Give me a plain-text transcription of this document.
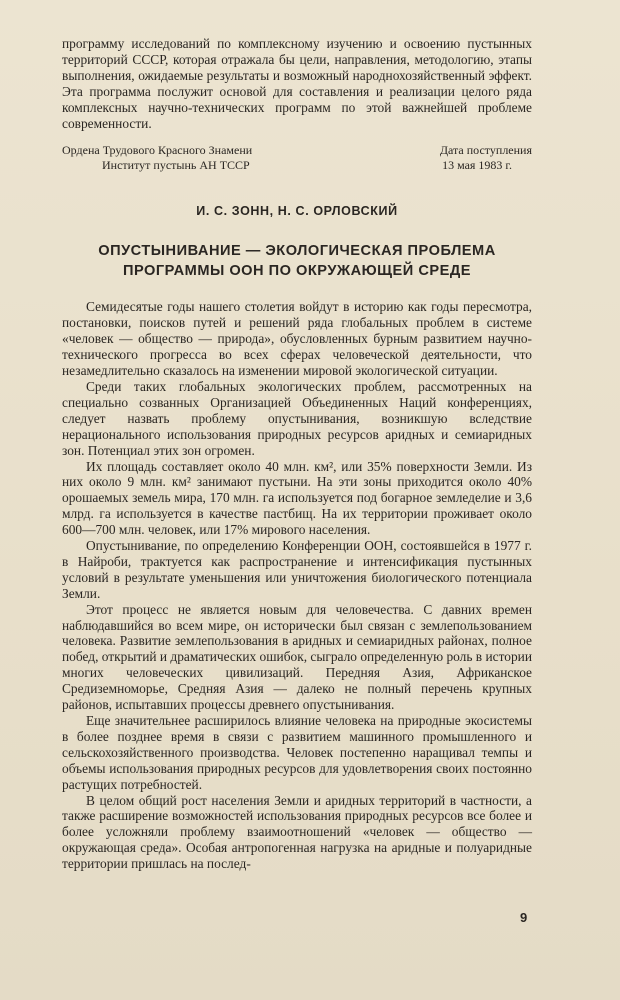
программу исследований по комплексному изучению и освоению пустынных территорий СССР, которая отражала бы цели, направления, методологию, этапы выполнения, ожидаемые результаты и возможный народнохозяйственный эффект. Эта программа послужит основой для составления и реализации целого ряда комплексных научно-технических программ по этой важнейшей проблеме современности.

Ордена Трудового Красного Знамени
Институт пустынь АН ТССР
Дата поступления
13 мая 1983 г.
И. С. ЗОНН, Н. С. ОРЛОВСКИЙ
ОПУСТЫНИВАНИЕ — ЭКОЛОГИЧЕСКАЯ ПРОБЛЕМА
ПРОГРАММЫ ООН ПО ОКРУЖАЮЩЕЙ СРЕДЕ

Семидесятые годы нашего столетия войдут в историю как годы пересмотра, постановки, поисков путей и решений ряда глобальных проблем в системе «человек — общество — природа», обусловленных бурным развитием научно-технического прогресса во всех сферах человеческой деятельности, что незамедлительно сказалось на изменении мировой экологической ситуации.

Среди таких глобальных экологических проблем, рассмотренных на специально созванных Организацией Объединенных Наций конференциях, следует назвать проблему опустынивания, возникшую вследствие нерационального использования природных ресурсов аридных и семиаридных зон. Потенциал этих зон огромен.

Их площадь составляет около 40 млн. км², или 35% поверхности Земли. Из них около 9 млн. км² занимают пустыни. На эти зоны приходится около 40% орошаемых земель мира, 170 млн. га используется под богарное земледелие и 3,6 млрд. га используется в качестве пастбищ. На их территории проживает около 600—700 млн. человек, или 17% мирового населения.

Опустынивание, по определению Конференции ООН, состоявшейся в 1977 г. в Найроби, трактуется как распространение и интенсификация пустынных условий в результате уменьшения или уничтожения биологического потенциала Земли.

Этот процесс не является новым для человечества. С давних времен наблюдавшийся во всем мире, он исторически был связан с землепользованием человека. Развитие землепользования в аридных и семиаридных районах, полное побед, открытий и драматических ошибок, сыграло определенную роль в истории многих человеческих цивилизаций. Передняя Азия, Африканское Средиземноморье, Средняя Азия — далеко не полный перечень крупных районов, испытавших процессы древнего опустынивания.

Еще значительнее расширилось влияние человека на природные экосистемы в более позднее время в связи с развитием машинного промышленного и сельскохозяйственного производства. Человек постепенно наращивал темпы и объемы использования природных ресурсов для удовлетворения своих постоянно растущих потребностей.

В целом общий рост населения Земли и аридных территорий в частности, а также расширение возможностей использования природных ресурсов все более и более усложняли проблему взаимоотношений «человек — общество — окружающая среда». Особая антропогенная нагрузка на аридные и полуаридные территории пришлась на послед-

9
